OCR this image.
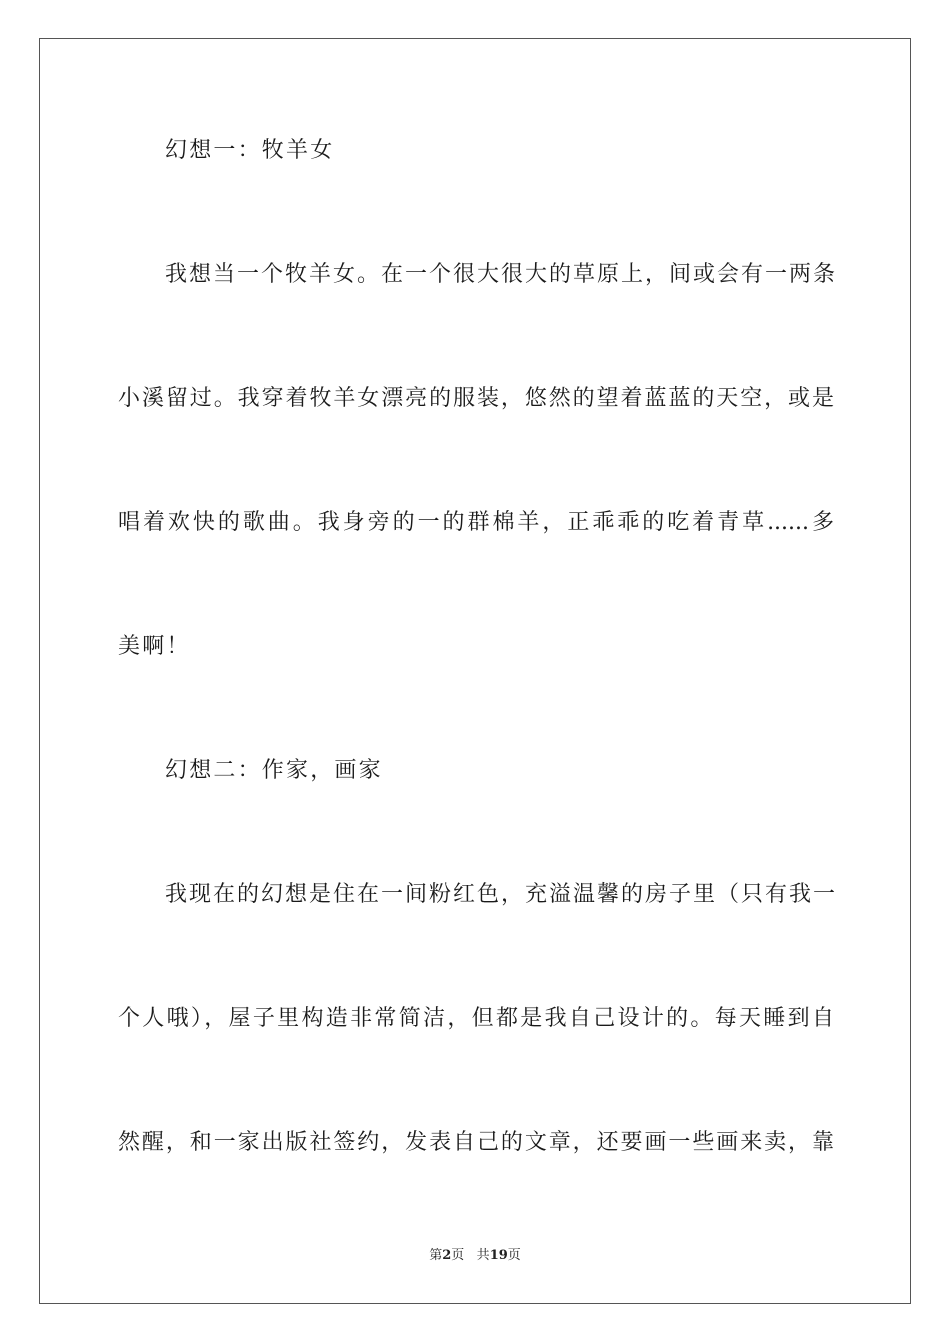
幻想一：牧羊女
我想当一个牧羊女。在一个很大很大的草原上，间或会有一两条
小溪留过。我穿着牧羊女漂亮的服装，悠然的望着蓝蓝的天空，或是
唱着欢快的歌曲。我身旁的一的群棉羊，正乖乖的吃着青草......多
美啊！
幻想二：作家，画家
我现在的幻想是住在一间粉红色，充溢温馨的房子里（只有我一
个人哦），屋子里构造非常简洁，但都是我自己设计的。每天睡到自
然醒，和一家出版社签约，发表自己的文章，还要画一些画来卖，靠
第2页 共19页
